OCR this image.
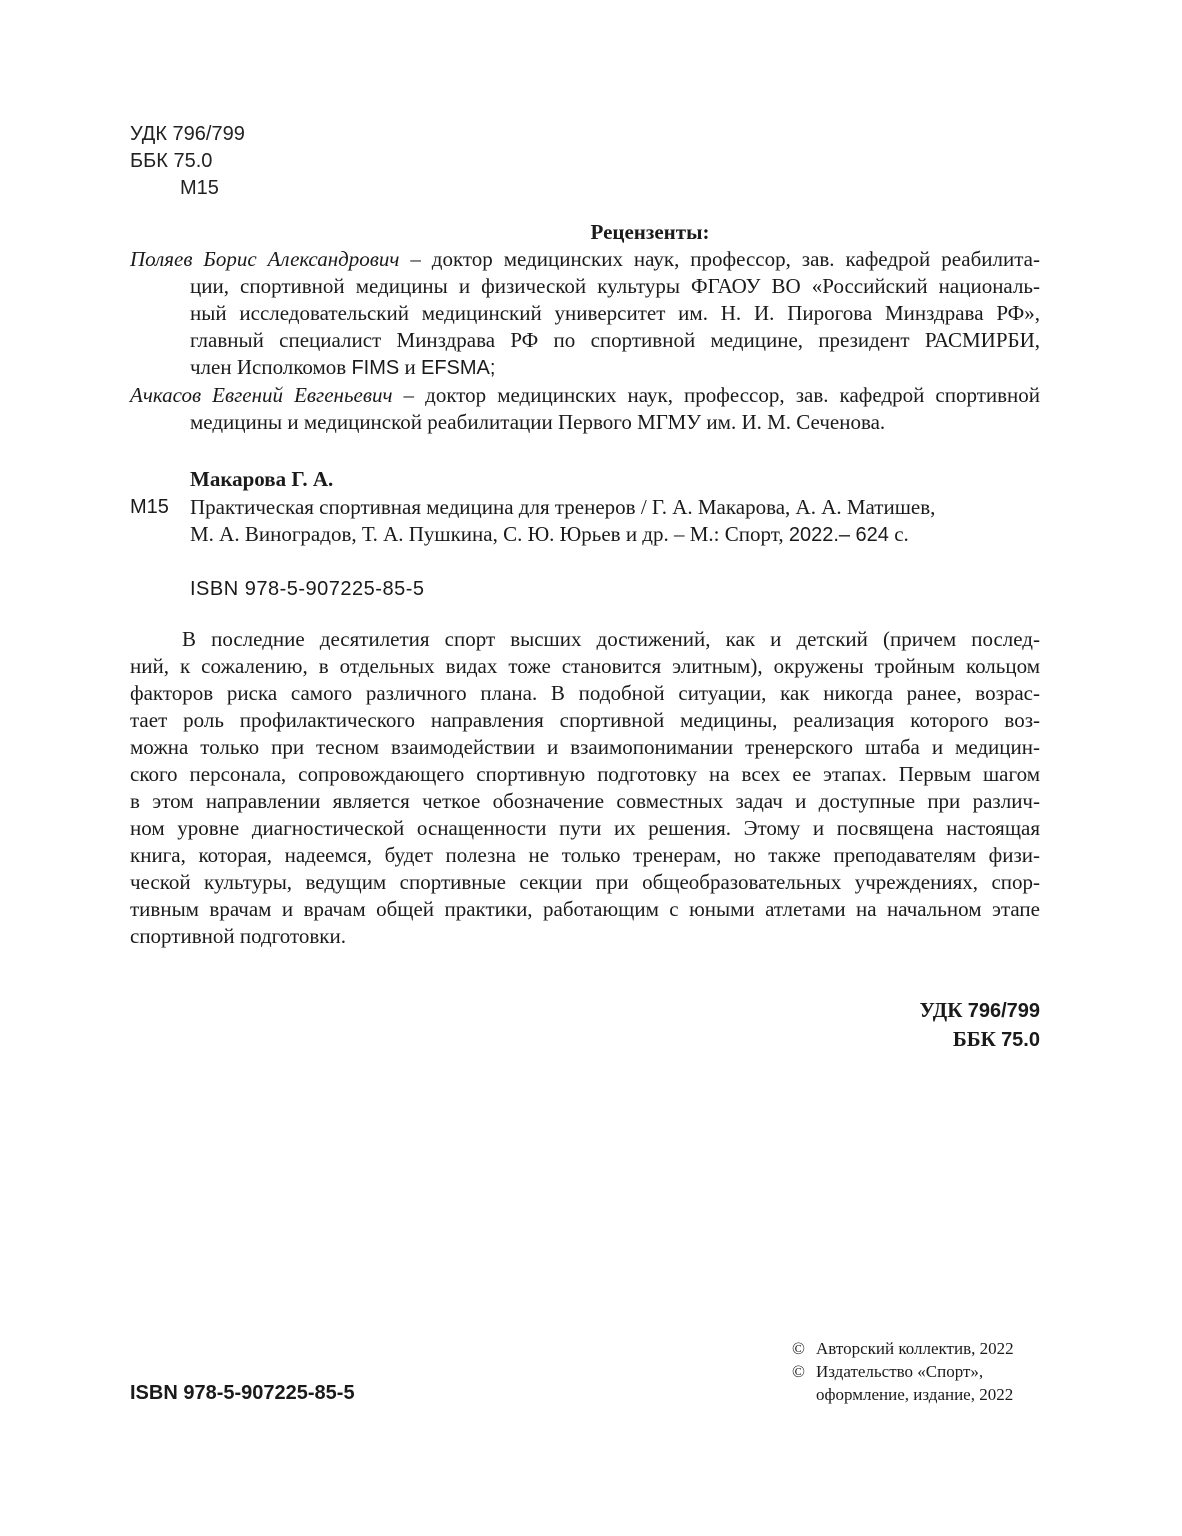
УДК 796/799
ББК 75.0
М15
Рецензенты:
Поляев Борис Александрович – доктор медицинских наук, профессор, зав. кафедрой реабилита-
ции, спортивной медицины и физической культуры ФГАОУ ВО «Российский националь-
ный исследовательский медицинский университет им. Н. И. Пирогова Минздрава РФ»,
главный специалист Минздрава РФ по спортивной медицине, президент РАСМИРБИ,
член Исполкомов FIMS и EFSMA;
Ачкасов Евгений Евгеньевич – доктор медицинских наук, профессор, зав. кафедрой спортивной
медицины и медицинской реабилитации Первого МГМУ им. И. М. Сеченова.
Макарова Г. А.
М15 Практическая спортивная медицина для тренеров / Г. А. Макарова, А. А. Матишев,
М. А. Виноградов, Т. А. Пушкина, С. Ю. Юрьев и др. – М.: Спорт, 2022.– 624 с.
ISBN 978-5-907225-85-5
В последние десятилетия спорт высших достижений, как и детский (причем послед-
ний, к сожалению, в отдельных видах тоже становится элитным), окружены тройным кольцом
факторов риска самого различного плана. В подобной ситуации, как никогда ранее, возрас-
тает роль профилактического направления спортивной медицины, реализация которого воз-
можна только при тесном взаимодействии и взаимопонимании тренерского штаба и медицин-
ского персонала, сопровождающего спортивную подготовку на всех ее этапах. Первым шагом
в этом направлении является четкое обозначение совместных задач и доступные при различ-
ном уровне диагностической оснащенности пути их решения. Этому и посвящена настоящая
книга, которая, надеемся, будет полезна не только тренерам, но также преподавателям физи-
ческой культуры, ведущим спортивные секции при общеобразовательных учреждениях, спор-
тивным врачам и врачам общей практики, работающим с юными атлетами на начальном этапе
спортивной подготовки.
УДК 796/799
ББК 75.0
© Авторский коллектив, 2022
© Издательство «Спорт»,
оформление, издание, 2022
ISBN 978-5-907225-85-5
